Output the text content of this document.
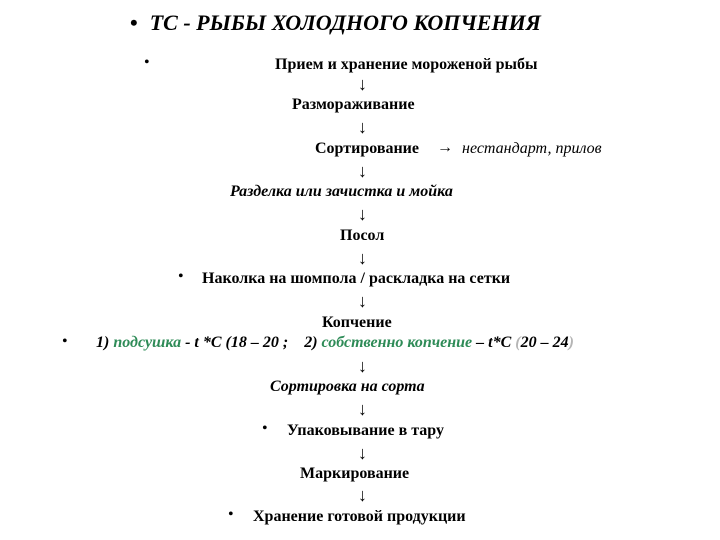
• ТС - РЫБЫ ХОЛОДНОГО КОПЧЕНИЯ
•	Прием и хранение мороженой рыбы
↓
Размораживание
↓
Сортирование → нестандарт, прилов
↓
Разделка или зачистка и мойка
↓
Посол
↓
• Наколка на шомпола / раскладка на сетки
↓
Копчение
• 1) подсушка - t *С (18 – 20 ; 2) собственно копчение – t*С (20 – 24)
↓
Сортировка на сорта
↓
• Упаковывание в тару
↓
Маркирование
↓
• Хранение готовой продукции
